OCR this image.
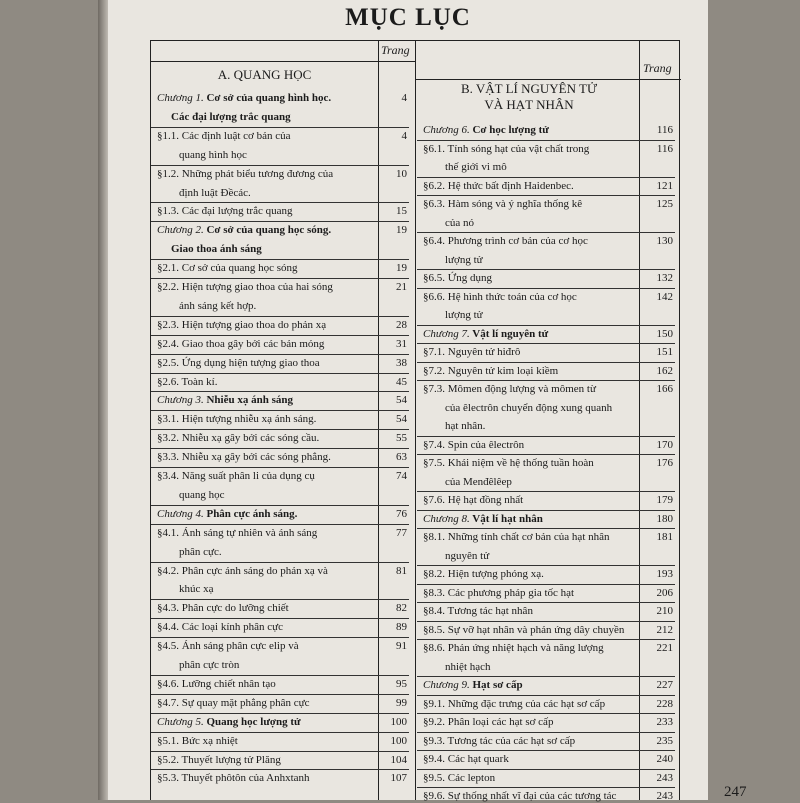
MỤC LỤC
247
Trang
Trang
A. QUANG HỌC
B. VẬT LÍ NGUYÊN TỬ
VÀ HẠT NHÂN
Chương 1. Cơ sở của quang hình học.	4
Các đại lượng trắc quang
§1.1. Các định luật cơ bản của	4
quang hình học
§1.2. Những phát biểu tương đương của	10
định luật Đềcác.
§1.3. Các đại lượng trắc quang	15
Chương 2. Cơ sở của quang học sóng.	19
Giao thoa ánh sáng
§2.1. Cơ sở của quang học sóng	19
§2.2. Hiện tượng giao thoa của hai sóng	21
ánh sáng kết hợp.
§2.3. Hiện tượng giao thoa do phản xạ	28
§2.4. Giao thoa gây bởi các bản mỏng	31
§2.5. Ứng dụng hiện tượng giao thoa	38
§2.6. Toàn kí.	45
Chương 3. Nhiễu xạ ánh sáng	54
§3.1. Hiện tượng nhiễu xạ ánh sáng.	54
§3.2. Nhiễu xạ gây bởi các sóng cầu.	55
§3.3. Nhiễu xạ gây bởi các sóng phẳng.	63
§3.4. Năng suất phân li của dụng cụ	74
quang học
Chương 4. Phân cực ánh sáng.	76
§4.1. Ánh sáng tự nhiên và ánh sáng	77
phân cực.
§4.2. Phân cực ánh sáng do phản xạ và	81
khúc xạ
§4.3. Phân cực do lưỡng chiết	82
§4.4. Các loại kính phân cực	89
§4.5. Ánh sáng phân cực elip và	91
phân cực tròn
§4.6. Lưỡng chiết nhân tạo	95
§4.7. Sự quay mặt phẳng phân cực	99
Chương 5. Quang học lượng tử	100
§5.1. Bức xạ nhiệt	100
§5.2. Thuyết lượng tử Plăng	104
§5.3. Thuyết phôtôn của Anhxtanh	107
Chương 6. Cơ học lượng tử	116
§6.1. Tính sóng hạt của vật chất trong	116
thế giới vi mô
§6.2. Hệ thức bất định Haidenbec.	121
§6.3. Hàm sóng và ý nghĩa thống kê	125
của nó
§6.4. Phương trình cơ bản của cơ học	130
lượng tử
§6.5. Ứng dụng	132
§6.6. Hệ hình thức toán của cơ học	142
lượng tử
Chương 7. Vật lí nguyên tử	150
§7.1. Nguyên tử hiđrô	151
§7.2. Nguyên tử kim loại kiềm	162
§7.3. Mômen động lượng và mômen từ	166
của êlectrôn chuyển động xung quanh
hạt nhân.
§7.4. Spin của êlectrôn	170
§7.5. Khái niệm về hệ thống tuần hoàn	176
của Menđêlêep
§7.6. Hệ hạt đồng nhất	179
Chương 8. Vật lí hạt nhân	180
§8.1. Những tính chất cơ bản của hạt nhân	181
nguyên tử
§8.2. Hiện tượng phóng xạ.	193
§8.3. Các phương pháp gia tốc hạt	206
§8.4. Tương tác hạt nhân	210
§8.5. Sự vỡ hạt nhân và phản ứng dây chuyền	212
§8.6. Phản ứng nhiệt hạch và năng lượng	221
nhiệt hạch
Chương 9. Hạt sơ cấp	227
§9.1. Những đặc trưng của các hạt sơ cấp	228
§9.2. Phân loại các hạt sơ cấp	233
§9.3. Tương tác của các hạt sơ cấp	235
§9.4. Các hạt quark	240
§9.5. Các lepton	243
§9.6. Sự thống nhất vĩ đại của các tương tác	243
